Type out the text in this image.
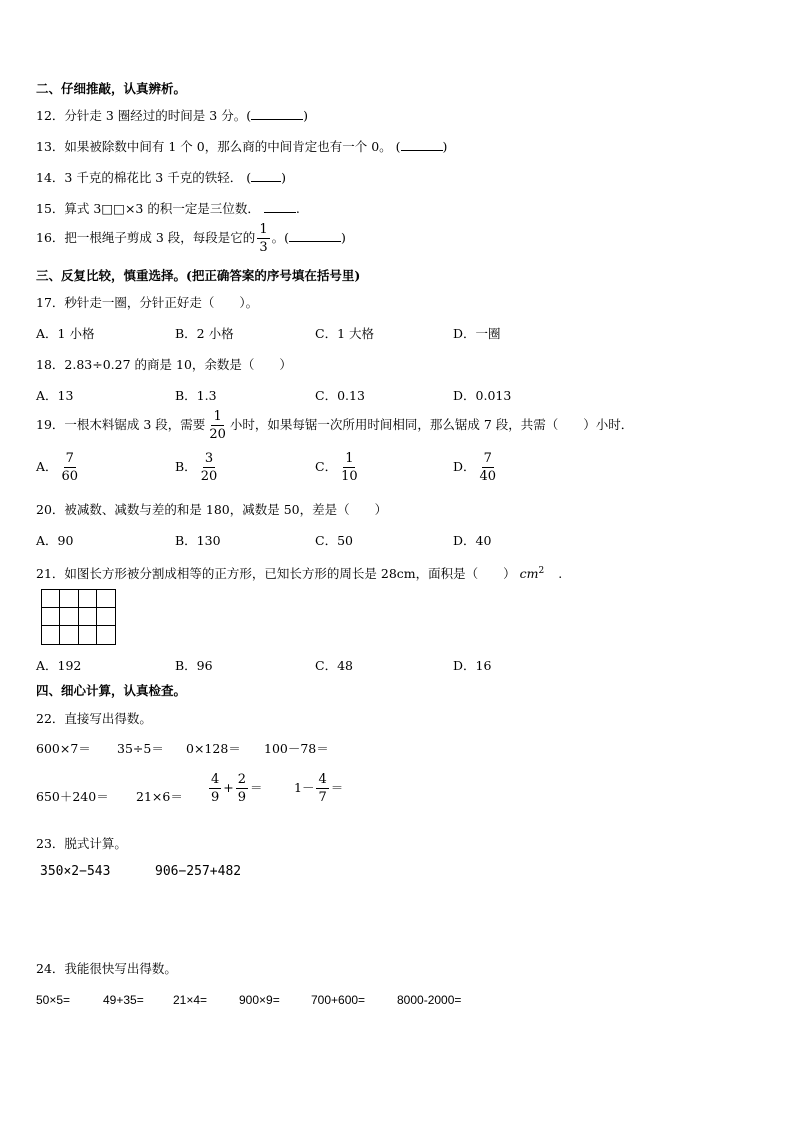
二、仔细推敲，认真辨析。
12．分针走 3 圈经过的时间是 3 分。(	)
13．如果被除数中间有 1 个 0，那么商的中间肯定也有一个 0。 (	)
14．3 千克的棉花比 3 千克的铁轻． ( )
15．算式 3□□×3 的积一定是三位数．	.
16．把一根绳子剪成 3 段，每段是它的 $\frac{1}{3}$ 。(	)
三、反复比较，慎重选择。(把正确答案的序号填在括号里)
17．秒针走一圈，分针正好走（　　）。
A．1 小格	B．2 小格	C．1 大格	D．一圈
18．2.83÷0.27 的商是 10，余数是（　　）
A．13	B．1.3	C．0.13	D．0.013
19．一根木料锯成 3 段，需要 $\frac{1}{20}$ 小时，如果每锯一次所用时间相同，那么锯成 7 段，共需（　　）小时．
A． $\frac{7}{60}$	B． $\frac{3}{20}$	C． $\frac{1}{10}$	D． $\frac{7}{40}$
20．被减数、减数与差的和是 180，减数是 50，差是（　　）
A．90	B．130	C．50	D．40
21．如图长方形被分割成相等的正方形，已知长方形的周长是 28cm，面积是（　　） $cm^2$ .
A．192	B．96	C．48	D．16
四、细心计算，认真检查。
22．直接写出得数。
600×7＝ 35÷5＝ 0×128＝ 100－78＝
$650+240= 21\times 6= \frac{4}{9} + \frac{2}{9}$ ＝	$1- \frac{4}{7}$ ＝
23．脱式计算。
350×2−543	906−257+482
24．我能很快写出得数。
50×5=	49+35= 21×4=	900×9=	700+600=	8000-2000=
